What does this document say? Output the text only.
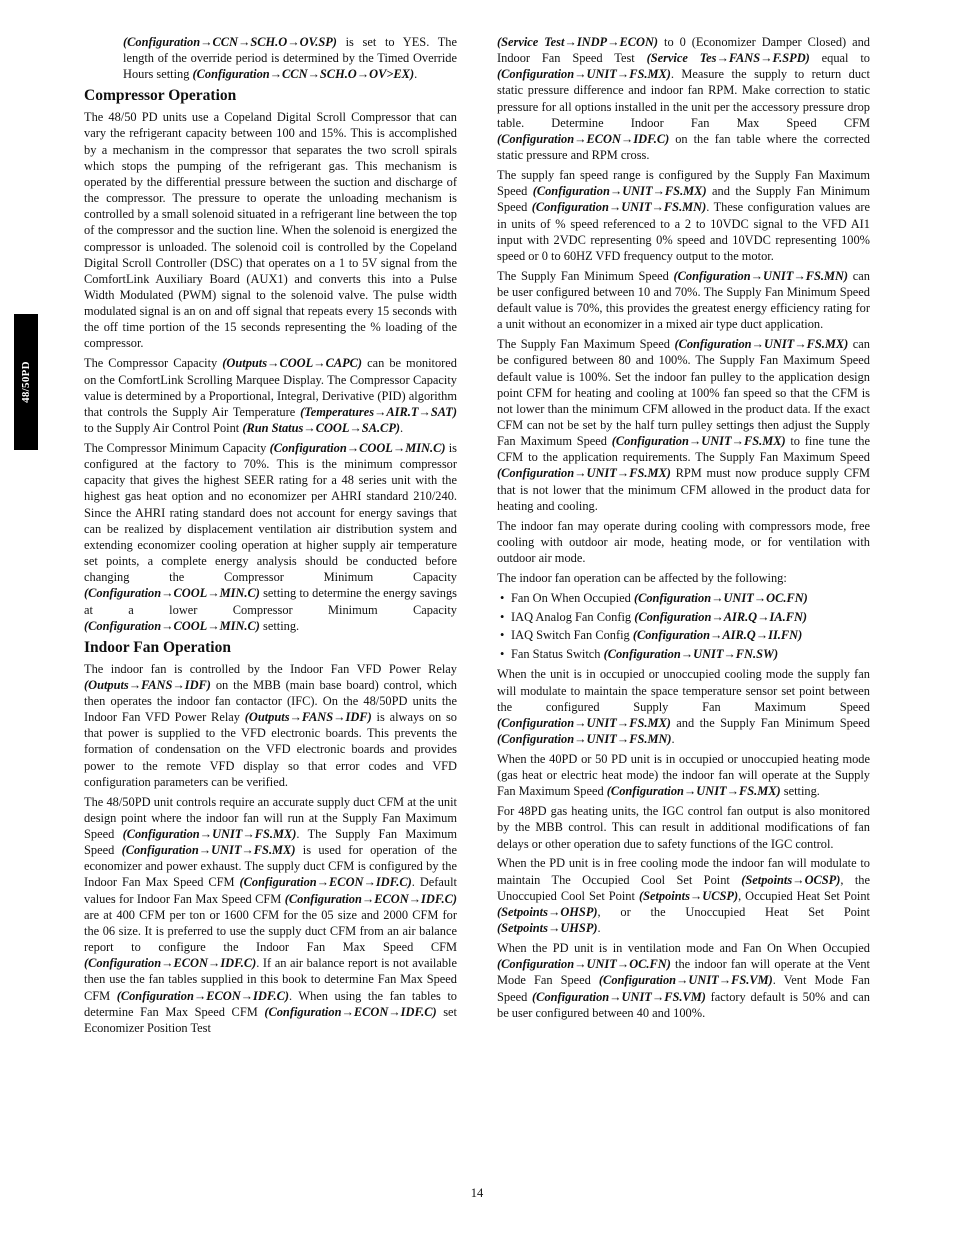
48/50PD

(Configuration→CCN→SCH.O→OV.SP) is set to YES. The length of the override period is determined by the Timed Override Hours setting (Configuration→CCN→SCH.O→OV>EX).

Compressor Operation

The 48/50 PD units use a Copeland Digital Scroll Compressor that can vary the refrigerant capacity between 100 and 15%. This is accomplished by a mechanism in the compressor that separates the two scroll spirals which stops the pumping of the refrigerant gas. This mechanism is operated by the differential pressure between the suction and discharge of the compressor. The pressure to operate the unloading mechanism is controlled by a small solenoid situated in a refrigerant line between the top of the compressor and the suction line. When the solenoid is energized the compressor is unloaded. The solenoid coil is controlled by the Copeland Digital Scroll Controller (DSC) that operates on a 1 to 5V signal from the ComfortLink Auxiliary Board (AUX1) and converts this into a Pulse Width Modulated (PWM) signal to the solenoid valve. The pulse width modulated signal is an on and off signal that repeats every 15 seconds with the off time portion of the 15 seconds representing the % loading of the compressor.

The Compressor Capacity (Outputs→COOL→CAPC) can be monitored on the ComfortLink Scrolling Marquee Display. The Compressor Capacity value is determined by a Proportional, Integral, Derivative (PID) algorithm that controls the Supply Air Temperature (Temperatures→AIR.T→SAT) to the Supply Air Control Point (Run Status→COOL→SA.CP).

The Compressor Minimum Capacity (Configuration→COOL→MIN.C) is configured at the factory to 70%. This is the minimum compressor capacity that gives the highest SEER rating for a 48 series unit with the highest gas heat option and no economizer per AHRI standard 210/240. Since the AHRI rating standard does not account for energy savings that can be realized by displacement ventilation air distribution system and extending economizer cooling operation at higher supply air temperature set points, a complete energy analysis should be conducted before changing the Compressor Minimum Capacity (Configuration→COOL→MIN.C) setting to determine the energy savings at a lower Compressor Minimum Capacity (Configuration→COOL→MIN.C) setting.

Indoor Fan Operation

The indoor fan is controlled by the Indoor Fan VFD Power Relay (Outputs→FANS→IDF) on the MBB (main base board) control, which then operates the indoor fan contactor (IFC). On the 48/50PD units the Indoor Fan VFD Power Relay (Outputs→FANS→IDF) is always on so that power is supplied to the VFD electronic boards. This prevents the formation of condensation on the VFD electronic boards and provides power to the remote VFD display so that error codes and VFD configuration parameters can be verified.

The 48/50PD unit controls require an accurate supply duct CFM at the unit design point where the indoor fan will run at the Supply Fan Maximum Speed (Configuration→UNIT→FS.MX). The Supply Fan Maximum Speed (Configuration→UNIT→FS.MX) is used for operation of the economizer and power exhaust. The supply duct CFM is configured by the Indoor Fan Max Speed CFM (Configuration→ECON→IDF.C). Default values for Indoor Fan Max Speed CFM (Configuration→ECON→IDF.C) are at 400 CFM per ton or 1600 CFM for the 05 size and 2000 CFM for the 06 size. It is preferred to use the supply duct CFM from an air balance report to configure the Indoor Fan Max Speed CFM (Configuration→ECON→IDF.C). If an air balance report is not available then use the fan tables supplied in this book to determine Fan Max Speed CFM (Configuration→ECON→IDF.C). When using the fan tables to determine Fan Max Speed CFM (Configuration→ECON→IDF.C) set Economizer Position Test

(Service Test→INDP→ECON) to 0 (Economizer Damper Closed) and Indoor Fan Speed Test (Service Tes→FANS→F.SPD) equal to (Configuration→UNIT→FS.MX). Measure the supply to return duct static pressure difference and indoor fan RPM. Make correction to static pressure for all options installed in the unit per the accessory pressure drop table. Determine Indoor Fan Max Speed CFM (Configuration→ECON→IDF.C) on the fan table where the corrected static pressure and RPM cross.

The supply fan speed range is configured by the Supply Fan Maximum Speed (Configuration→UNIT→FS.MX) and the Supply Fan Minimum Speed (Configuration→UNIT→FS.MN). These configuration values are in units of % speed referenced to a 2 to 10VDC signal to the VFD AI1 input with 2VDC representing 0% speed and 10VDC representing 100% speed or 0 to 60HZ VFD frequency output to the motor.

The Supply Fan Minimum Speed (Configuration→UNIT→FS.MN) can be user configured between 10 and 70%. The Supply Fan Minimum Speed default value is 70%, this provides the greatest energy efficiency rating for a unit without an economizer in a mixed air type duct application.

The Supply Fan Maximum Speed (Configuration→UNIT→FS.MX) can be configured between 80 and 100%. The Supply Fan Maximum Speed default value is 100%. Set the indoor fan pulley to the application design point CFM for heating and cooling at 100% fan speed so that the CFM is not lower than the minimum CFM allowed in the product data. If the exact CFM can not be set by the half turn pulley settings then adjust the Supply Fan Maximum Speed (Configuration→UNIT→FS.MX) to fine tune the CFM to the application requirements. The Supply Fan Maximum Speed (Configuration→UNIT→FS.MX) RPM must now produce supply CFM that is not lower that the minimum CFM allowed in the product data for heating and cooling.

The indoor fan may operate during cooling with compressors mode, free cooling with outdoor air mode, heating mode, or for ventilation with outdoor air mode.

The indoor fan operation can be affected by the following:

• Fan On When Occupied (Configuration→UNIT→OC.FN)
• IAQ Analog Fan Config (Configuration→AIR.Q→IA.FN)
• IAQ Switch Fan Config (Configuration→AIR.Q→II.FN)
• Fan Status Switch (Configuration→UNIT→FN.SW)

When the unit is in occupied or unoccupied cooling mode the supply fan will modulate to maintain the space temperature sensor set point between the configured Supply Fan Maximum Speed (Configuration→UNIT→FS.MX) and the Supply Fan Minimum Speed (Configuration→UNIT→FS.MN).

When the 40PD or 50 PD unit is in occupied or unoccupied heating mode (gas heat or electric heat mode) the indoor fan will operate at the Supply Fan Maximum Speed (Configuration→UNIT→FS.MX) setting.

For 48PD gas heating units, the IGC control fan output is also monitored by the MBB control. This can result in additional modifications of fan delays or other operation due to safety functions of the IGC control.

When the PD unit is in free cooling mode the indoor fan will modulate to maintain The Occupied Cool Set Point (Setpoints→OCSP), the Unoccupied Cool Set Point (Setpoints→UCSP), Occupied Heat Set Point (Setpoints→OHSP), or the Unoccupied Heat Set Point (Setpoints→UHSP).

When the PD unit is in ventilation mode and Fan On When Occupied (Configuration→UNIT→OC.FN) the indoor fan will operate at the Vent Mode Fan Speed (Configuration→UNIT→FS.VM). Vent Mode Fan Speed (Configuration→UNIT→FS.VM) factory default is 50% and can be user configured between 40 and 100%.

14
